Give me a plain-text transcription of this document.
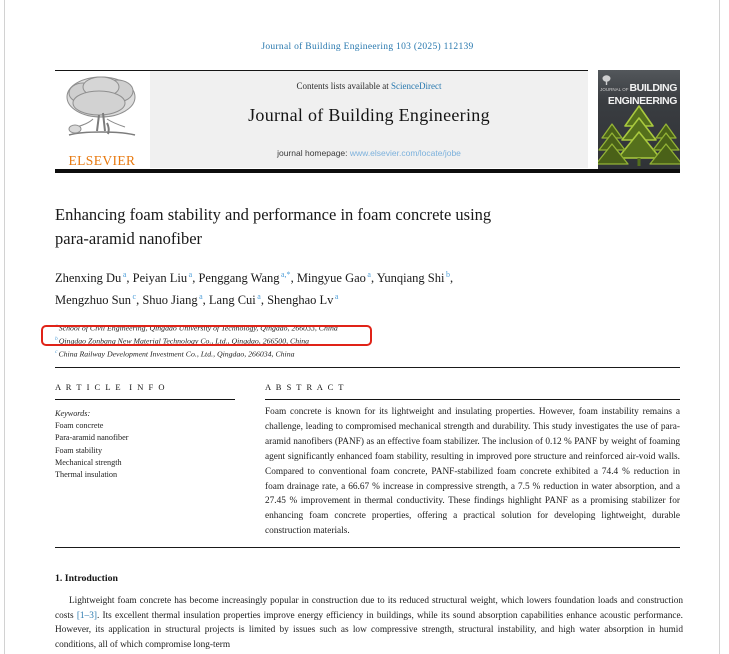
Journal of Building Engineering 103 (2025) 112139
ELSEVIER
Contents lists available at ScienceDirect
Journal of Building Engineering
journal homepage: www.elsevier.com/locate/jobe
JOURNAL OFBUILDING
ENGINEERING
Enhancing foam stability and performance in foam concrete using
para-aramid nanofiber
Zhenxing Du $^a$, Peiyan Liu $^a$, Penggang Wang $^{a,*}$, Mingyue Gao $^a$, Yunqiang Shi $^b$,
Mengzhuo Sun $^c$, Shuo Jiang $^a$, Lang Cui $^a$, Shenghao Lv $^a$
$^a$School of Civil Engineering, Qingdao University of Technology, Qingdao, 266033, China
$^b$Qingdao Zonbang New Material Technology Co., Ltd., Qingdao, 266500, China
$^c$China Railway Development Investment Co., Ltd., Qingdao, 266034, China
A R T I C L E  I N F O
Keywords:
Foam concrete
Para-aramid nanofiber
Foam stability
Mechanical strength
Thermal insulation
A B S T R A C T
Foam concrete is known for its lightweight and insulating properties. However, foam instability remains a challenge, leading to compromised mechanical strength and durability. This study investigates the use of para-aramid nanofibers (PANF) as an effective foam stabilizer. The inclusion of 0.12 % PANF by weight of foaming agent significantly enhanced foam stability, resulting in improved pore structure and reinforced air-void walls. Compared to conventional foam concrete, PANF-stabilized foam concrete exhibited a 74.4 % reduction in foam drainage rate, a 66.67 % increase in compressive strength, a 7.5 % reduction in water absorption, and a 27.45 % improvement in thermal conductivity. These findings highlight PANF as a promising stabilizer for enhancing foam concrete properties, offering a practical solution for developing lightweight, durable construction materials.
1. Introduction
Lightweight foam concrete has become increasingly popular in construction due to its reduced structural weight, which lowers foundation loads and construction costs [1–3]. Its excellent thermal insulation properties improve energy efficiency in buildings, while its sound absorption capabilities enhance acoustic performance. However, its application in structural projects is limited by issues such as low compressive strength, structural instability, and high water absorption in humid conditions, all of which compromise long-term
